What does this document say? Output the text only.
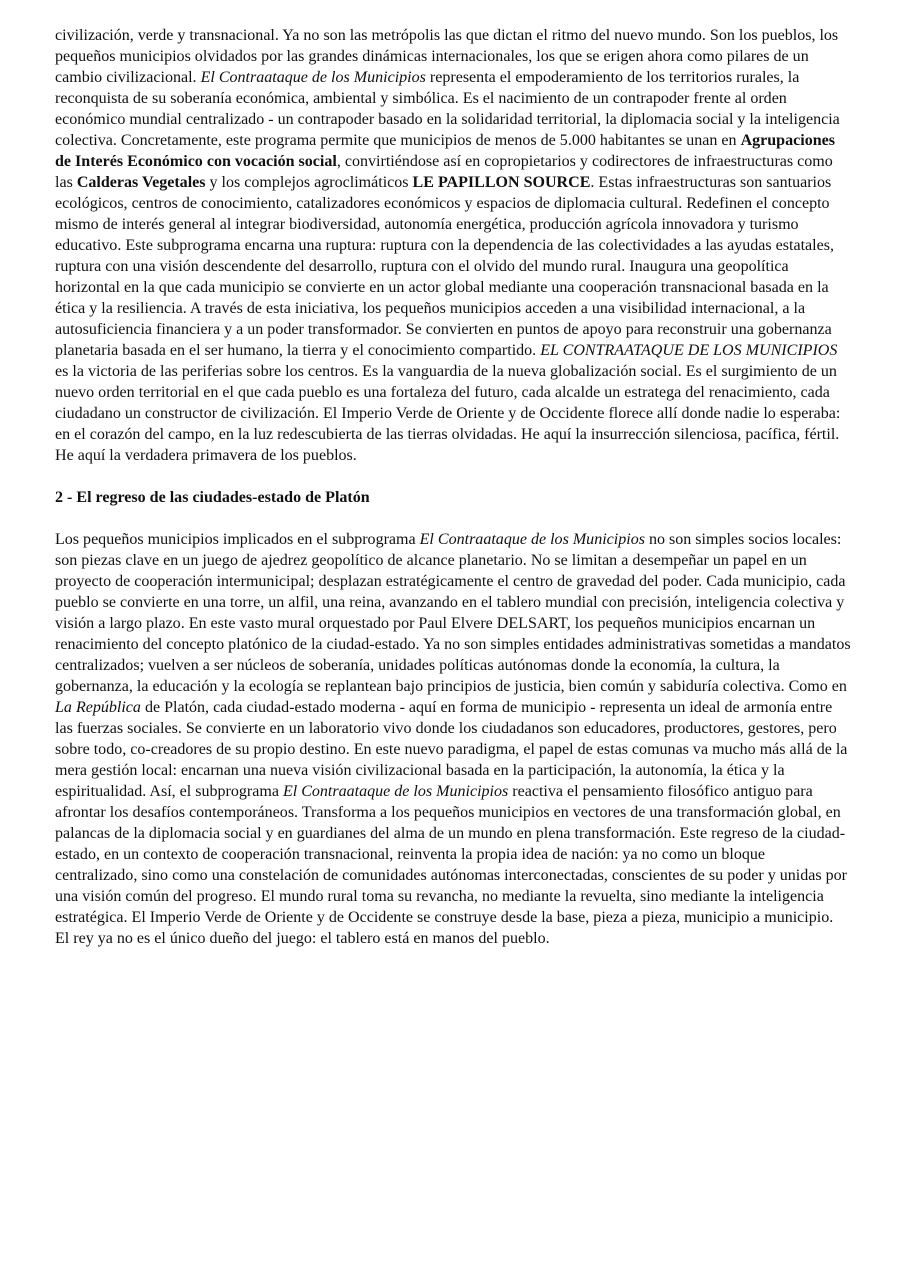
civilización, verde y transnacional. Ya no son las metrópolis las que dictan el ritmo del nuevo mundo. Son los pueblos, los pequeños municipios olvidados por las grandes dinámicas internacionales, los que se erigen ahora como pilares de un cambio civilizacional. El Contraataque de los Municipios representa el empoderamiento de los territorios rurales, la reconquista de su soberanía económica, ambiental y simbólica. Es el nacimiento de un contrapoder frente al orden económico mundial centralizado - un contrapoder basado en la solidaridad territorial, la diplomacia social y la inteligencia colectiva. Concretamente, este programa permite que municipios de menos de 5.000 habitantes se unan en Agrupaciones de Interés Económico con vocación social, convirtiéndose así en copropietarios y codirectores de infraestructuras como las Calderas Vegetales y los complejos agroclimáticos LE PAPILLON SOURCE. Estas infraestructuras son santuarios ecológicos, centros de conocimiento, catalizadores económicos y espacios de diplomacia cultural. Redefinen el concepto mismo de interés general al integrar biodiversidad, autonomía energética, producción agrícola innovadora y turismo educativo. Este subprograma encarna una ruptura: ruptura con la dependencia de las colectividades a las ayudas estatales, ruptura con una visión descendente del desarrollo, ruptura con el olvido del mundo rural. Inaugura una geopolítica horizontal en la que cada municipio se convierte en un actor global mediante una cooperación transnacional basada en la ética y la resiliencia. A través de esta iniciativa, los pequeños municipios acceden a una visibilidad internacional, a la autosuficiencia financiera y a un poder transformador. Se convierten en puntos de apoyo para reconstruir una gobernanza planetaria basada en el ser humano, la tierra y el conocimiento compartido. EL CONTRAATAQUE DE LOS MUNICIPIOS es la victoria de las periferias sobre los centros. Es la vanguardia de la nueva globalización social. Es el surgimiento de un nuevo orden territorial en el que cada pueblo es una fortaleza del futuro, cada alcalde un estratega del renacimiento, cada ciudadano un constructor de civilización. El Imperio Verde de Oriente y de Occidente florece allí donde nadie lo esperaba: en el corazón del campo, en la luz redescubierta de las tierras olvidadas. He aquí la insurrección silenciosa, pacífica, fértil. He aquí la verdadera primavera de los pueblos.

2 - El regreso de las ciudades-estado de Platón

Los pequeños municipios implicados en el subprograma El Contraataque de los Municipios no son simples socios locales: son piezas clave en un juego de ajedrez geopolítico de alcance planetario. No se limitan a desempeñar un papel en un proyecto de cooperación intermunicipal; desplazan estratégicamente el centro de gravedad del poder. Cada municipio, cada pueblo se convierte en una torre, un alfil, una reina, avanzando en el tablero mundial con precisión, inteligencia colectiva y visión a largo plazo. En este vasto mural orquestado por Paul Elvere DELSART, los pequeños municipios encarnan un renacimiento del concepto platónico de la ciudad-estado. Ya no son simples entidades administrativas sometidas a mandatos centralizados; vuelven a ser núcleos de soberanía, unidades políticas autónomas donde la economía, la cultura, la gobernanza, la educación y la ecología se replantean bajo principios de justicia, bien común y sabiduría colectiva. Como en La República de Platón, cada ciudad-estado moderna - aquí en forma de municipio - representa un ideal de armonía entre las fuerzas sociales. Se convierte en un laboratorio vivo donde los ciudadanos son educadores, productores, gestores, pero sobre todo, co-creadores de su propio destino. En este nuevo paradigma, el papel de estas comunas va mucho más allá de la mera gestión local: encarnan una nueva visión civilizacional basada en la participación, la autonomía, la ética y la espiritualidad. Así, el subprograma El Contraataque de los Municipios reactiva el pensamiento filosófico antiguo para afrontar los desafíos contemporáneos. Transforma a los pequeños municipios en vectores de una transformación global, en palancas de la diplomacia social y en guardianes del alma de un mundo en plena transformación. Este regreso de la ciudad-estado, en un contexto de cooperación transnacional, reinventa la propia idea de nación: ya no como un bloque centralizado, sino como una constelación de comunidades autónomas interconectadas, conscientes de su poder y unidas por una visión común del progreso. El mundo rural toma su revancha, no mediante la revuelta, sino mediante la inteligencia estratégica. El Imperio Verde de Oriente y de Occidente se construye desde la base, pieza a pieza, municipio a municipio. El rey ya no es el único dueño del juego: el tablero está en manos del pueblo.
